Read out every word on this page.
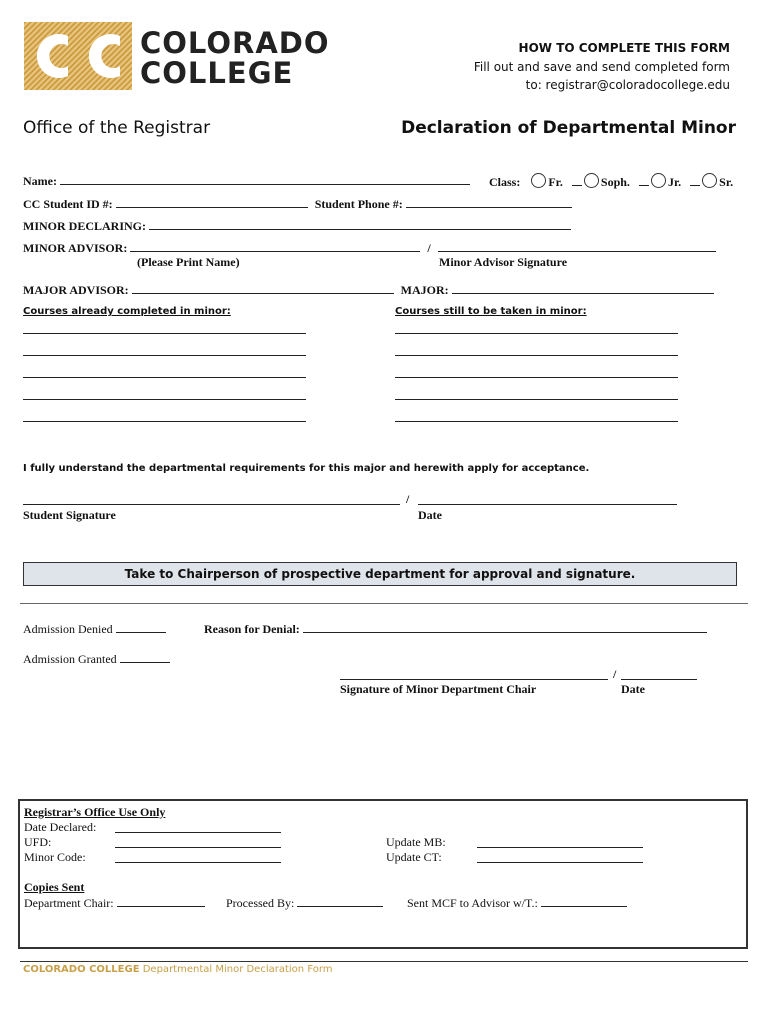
COLORADO
COLLEGE
HOW TO COMPLETE THIS FORM
Fill out and save and send completed form
to: registrar@coloradocollege.edu
Office of the Registrar	Declaration of Departmental Minor
Name:	Class: Fr.	Soph.	Jr.	Sr.
CC Student ID #:	Student Phone #:
MINOR DECLARING:
MINOR ADVISOR:	/
(Please Print Name)	Minor Advisor Signature
MAJOR ADVISOR:	MAJOR:
Courses already completed in minor:	Courses still to be taken in minor:
I fully understand the departmental requirements for this major and herewith apply for acceptance.
/
Student Signature	Date
Take to Chairperson of prospective department for approval and signature.
Admission Denied	Reason for Denial:
Admission Granted
/
Signature of Minor Department Chair	Date
Registrar’s Office Use Only
Date Declared:
UFD:
Minor Code:
Update MB:
Update CT:
Copies Sent
Department Chair:	Processed By:	Sent MCF to Advisor w/T.:
COLORADO COLLEGE Departmental Minor Declaration Form
